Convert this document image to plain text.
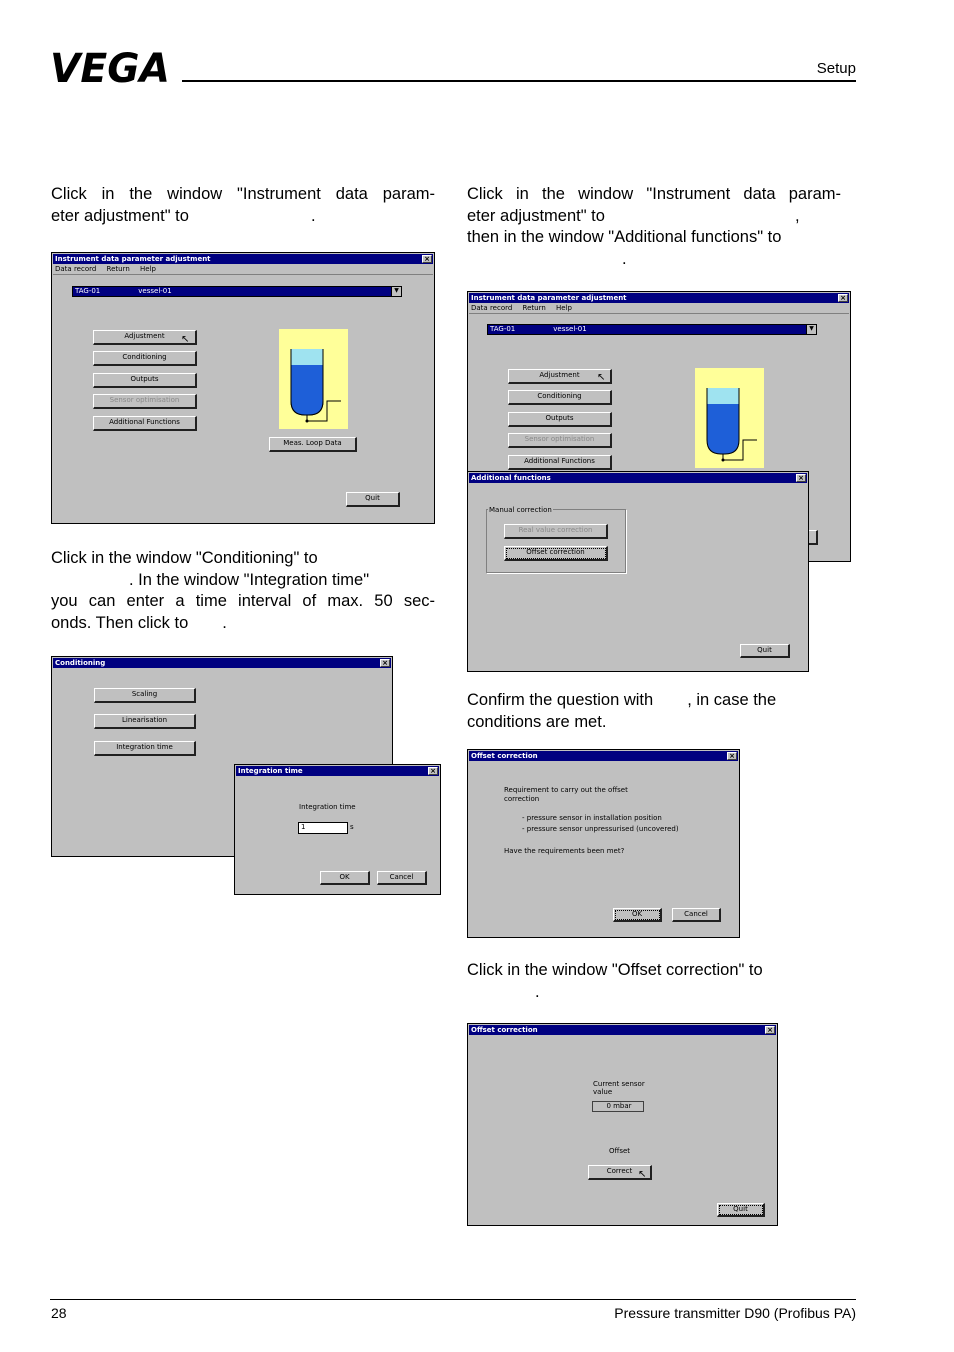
VEGA	Setup

Click in the window "Instrument data param-

eter adjustment" to	.

Instrument data parameter adjustment	×
Data record Return Help
TAG-01	vessel-01	▼
Adjustment	↖
Conditioning
Outputs
Sensor optimisation
Additional Functions
Meas. Loop Data
Quit

Click in the window "Conditioning" to

. In the window "Integration time"

you can enter a time interval of max. 50 sec-

onds. Then click to .

Conditioning	×
Scaling
Linearisation
Integration time
Integration time	×
Integration time
1	s
OK	Cancel

Click in the window "Instrument data param-

eter adjustment" to	,

then in the window "Additional functions" to

.

Instrument data parameter adjustment	×
Data record Return Help
TAG-01	vessel-01	▼
Adjustment	↖
Conditioning
Outputs
Sensor optimisation
Additional Functions
Additional functions	×
Manual correction
Real value correction
Offset correction
Quit

Confirm the question with , in case the

conditions are met.

Offset correction	×
Requirement to carry out the offset
correction
- pressure sensor in installation position
- pressure sensor unpressurised (uncovered)
Have the requirements been met?
OK	Cancel

Click in the window "Offset correction" to

.

Offset correction	×
Current sensor
value
0 mbar
Offset
Correct ↖
Quit
28	Pressure transmitter D90 (Profibus PA)
